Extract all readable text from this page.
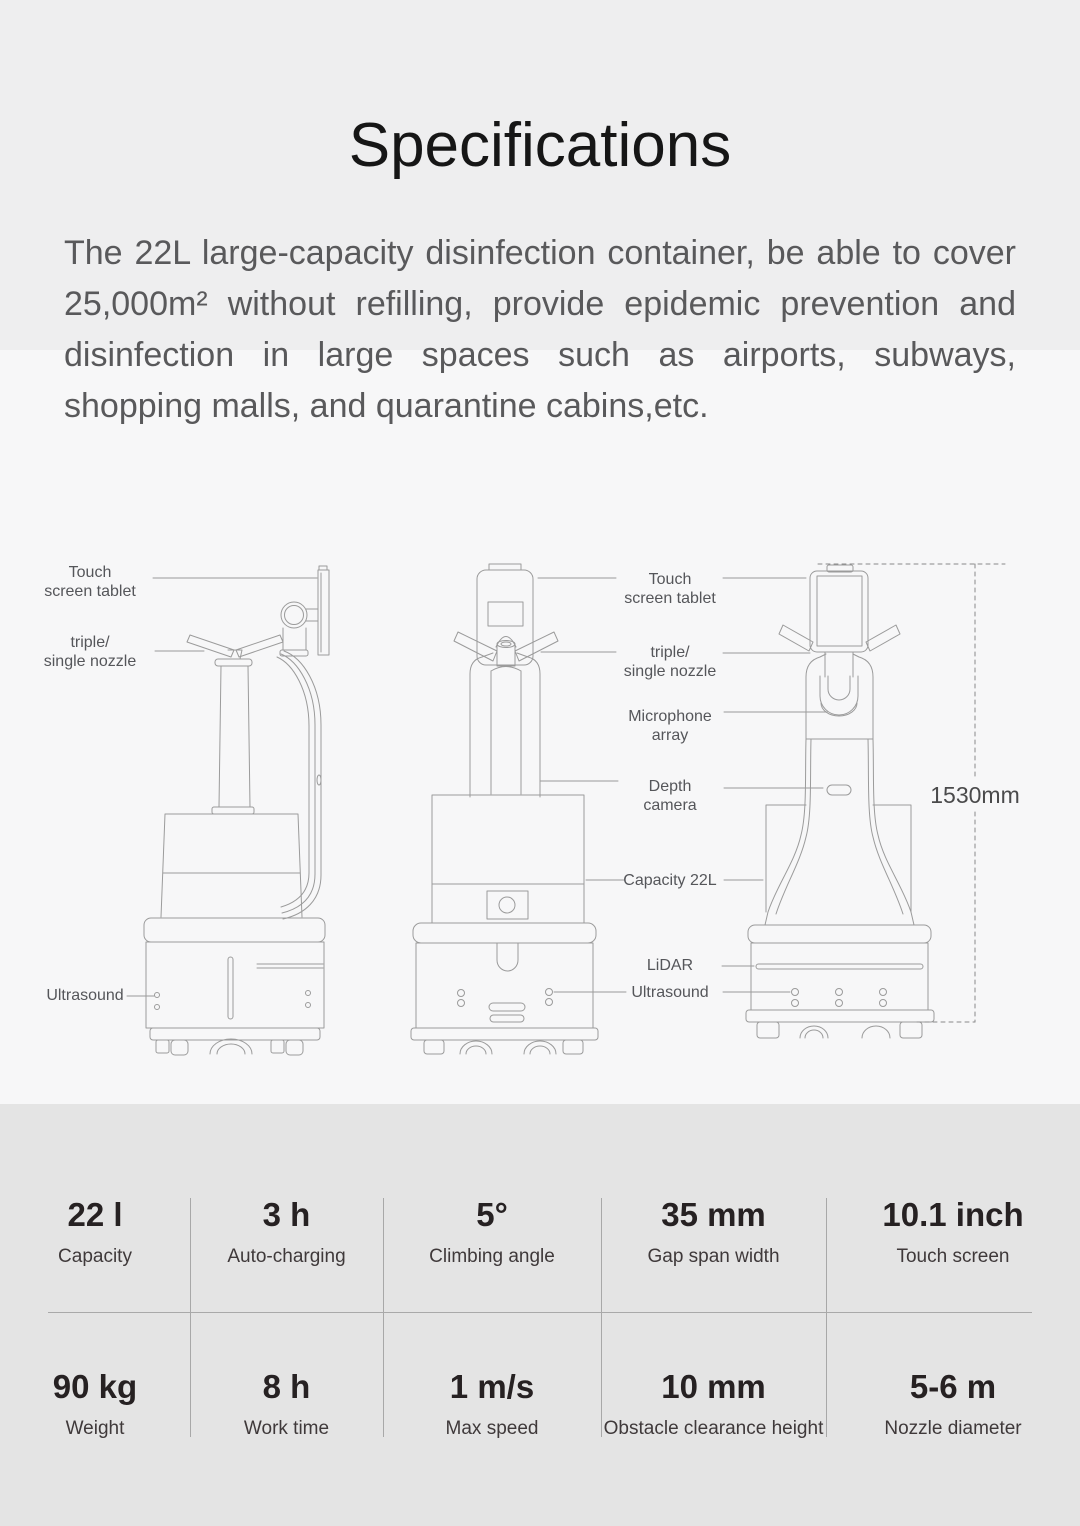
Specifications
The 22L large-capacity disinfection container, be able to cover 25,000m² without refilling, provide epidemic prevention and disinfection in large spaces such as airports, subways, shopping malls, and quarantine cabins,etc.
Touch
screen tablet
triple/
single nozzle
Ultrasound
Touch
screen tablet
triple/
single nozzle
Microphone
array
Depth
camera
Capacity 22L
LiDAR
Ultrasound
1530mm
22 l
Capacity
3 h
Auto-charging
5°
Climbing angle
35 mm
Gap span width
10.1 inch
Touch screen
90 kg
Weight
8 h
Work time
1 m/s
Max speed
10 mm
Obstacle clearance height
5-6 m
Nozzle diameter
